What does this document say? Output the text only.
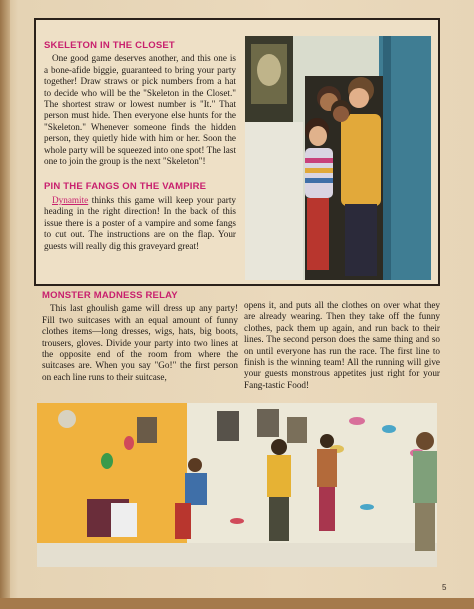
SKELETON IN THE CLOSET

One good game deserves another, and this one is a bone-afide biggie, guaranteed to bring your party together! Draw straws or pick numbers from a hat to decide who will be the "Skeleton in the Closet." The shortest straw or lowest number is "It." That person must hide. Then everyone else hunts for the "Skeleton." Whenever someone finds the hidden person, they quietly hide with him or her. Soon the whole party will be squeezed into one spot! The last one to join the group is the next "Skeleton"!

PIN THE FANGS ON THE VAMPIRE

Dynamite thinks this game will keep your party heading in the right direction! In the back of this issue there is a poster of a vampire and some fangs to cut out. The instructions are on the flap. Your guests will really dig this graveyard great!

MONSTER MADNESS RELAY

This last ghoulish game will dress up any party! Fill two suitcases with an equal amount of funny clothes items—long dresses, wigs, hats, big boots, trousers, gloves. Divide your party into two lines at the opposite end of the room from where the suitcases are. When you say "Go!" the first person on each line runs to their suitcase,

opens it, and puts all the clothes on over what they are already wearing. Then they take off the funny clothes, pack them up again, and run back to their lines. The second person does the same thing and so on until everyone has run the race. The first line to finish is the winning team! All the running will give your guests monstrous appetites just right for your Fang-tastic Food!

5
